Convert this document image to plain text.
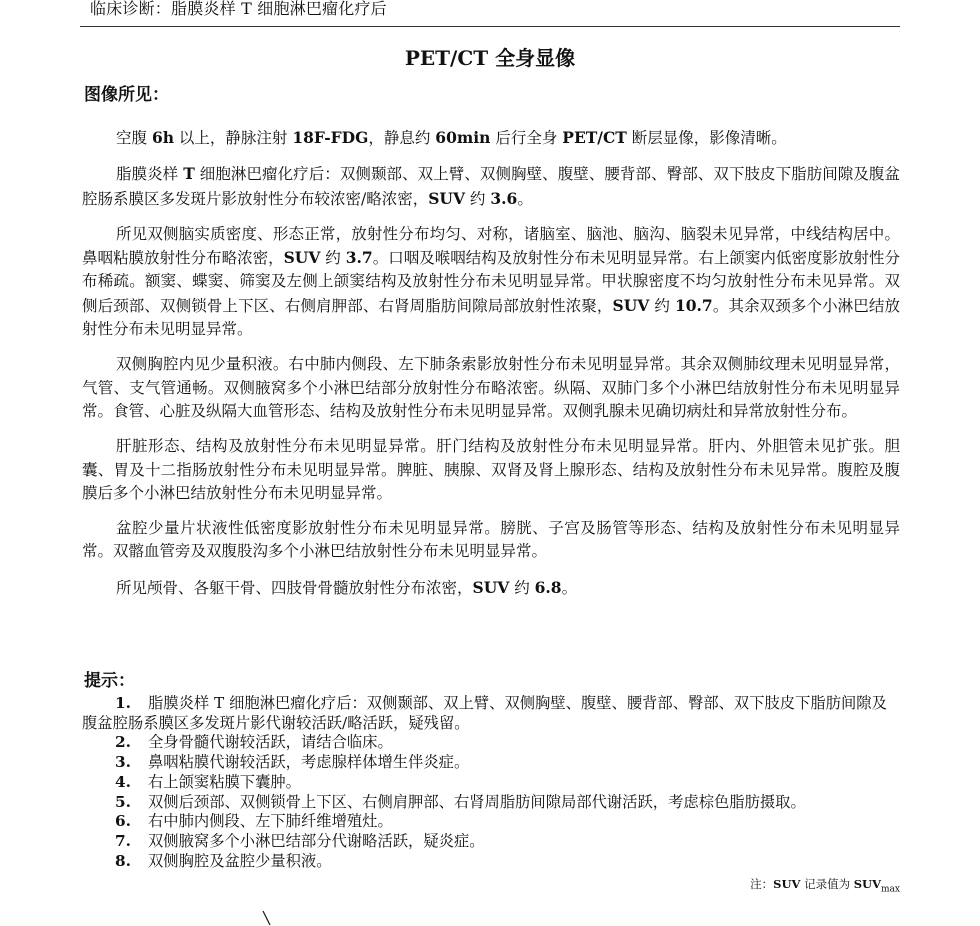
临床诊断：脂膜炎样 T 细胞淋巴瘤化疗后
PET/CT 全身显像
图像所见：

空腹 6h 以上，静脉注射 18F-FDG，静息约 60min 后行全身 PET/CT 断层显像，影像清晰。

脂膜炎样 T 细胞淋巴瘤化疗后：双侧颞部、双上臂、双侧胸壁、腹壁、腰背部、臀部、双下肢皮下脂肪间隙及腹盆腔肠系膜区多发斑片影放射性分布较浓密/略浓密，SUV 约 3.6。

所见双侧脑实质密度、形态正常，放射性分布均匀、对称，诸脑室、脑池、脑沟、脑裂未见异常，中线结构居中。鼻咽粘膜放射性分布略浓密，SUV 约 3.7。口咽及喉咽结构及放射性分布未见明显异常。右上颌窦内低密度影放射性分布稀疏。额窦、蝶窦、筛窦及左侧上颌窦结构及放射性分布未见明显异常。甲状腺密度不均匀放射性分布未见异常。双侧后颈部、双侧锁骨上下区、右侧肩胛部、右肾周脂肪间隙局部放射性浓聚，SUV 约 10.7。其余双颈多个小淋巴结放射性分布未见明显异常。

双侧胸腔内见少量积液。右中肺内侧段、左下肺条索影放射性分布未见明显异常。其余双侧肺纹理未见明显异常，气管、支气管通畅。双侧腋窝多个小淋巴结部分放射性分布略浓密。纵隔、双肺门多个小淋巴结放射性分布未见明显异常。食管、心脏及纵隔大血管形态、结构及放射性分布未见明显异常。双侧乳腺未见确切病灶和异常放射性分布。

肝脏形态、结构及放射性分布未见明显异常。肝门结构及放射性分布未见明显异常。肝内、外胆管未见扩张。胆囊、胃及十二指肠放射性分布未见明显异常。脾脏、胰腺、双肾及肾上腺形态、结构及放射性分布未见异常。腹腔及腹膜后多个小淋巴结放射性分布未见明显异常。

盆腔少量片状液性低密度影放射性分布未见明显异常。膀胱、子宫及肠管等形态、结构及放射性分布未见明显异常。双髂血管旁及双腹股沟多个小淋巴结放射性分布未见明显异常。

所见颅骨、各躯干骨、四肢骨骨髓放射性分布浓密，SUV 约 6.8。

提示：
1. 脂膜炎样 T 细胞淋巴瘤化疗后：双侧颞部、双上臂、双侧胸壁、腹壁、腰背部、臀部、双下肢皮下脂肪间隙及腹盆腔肠系膜区多发斑片影代谢较活跃/略活跃，疑残留。
2.	全身骨髓代谢较活跃，请结合临床。
3.	鼻咽粘膜代谢较活跃，考虑腺样体增生伴炎症。
4.	右上颌窦粘膜下囊肿。
5.	双侧后颈部、双侧锁骨上下区、右侧肩胛部、右肾周脂肪间隙局部代谢活跃，考虑棕色脂肪摄取。
6.	右中肺内侧段、左下肺纤维增殖灶。
7.	双侧腋窝多个小淋巴结部分代谢略活跃，疑炎症。
8.	双侧胸腔及盆腔少量积液。
注：SUV 记录值为 $SUV_{max}$
